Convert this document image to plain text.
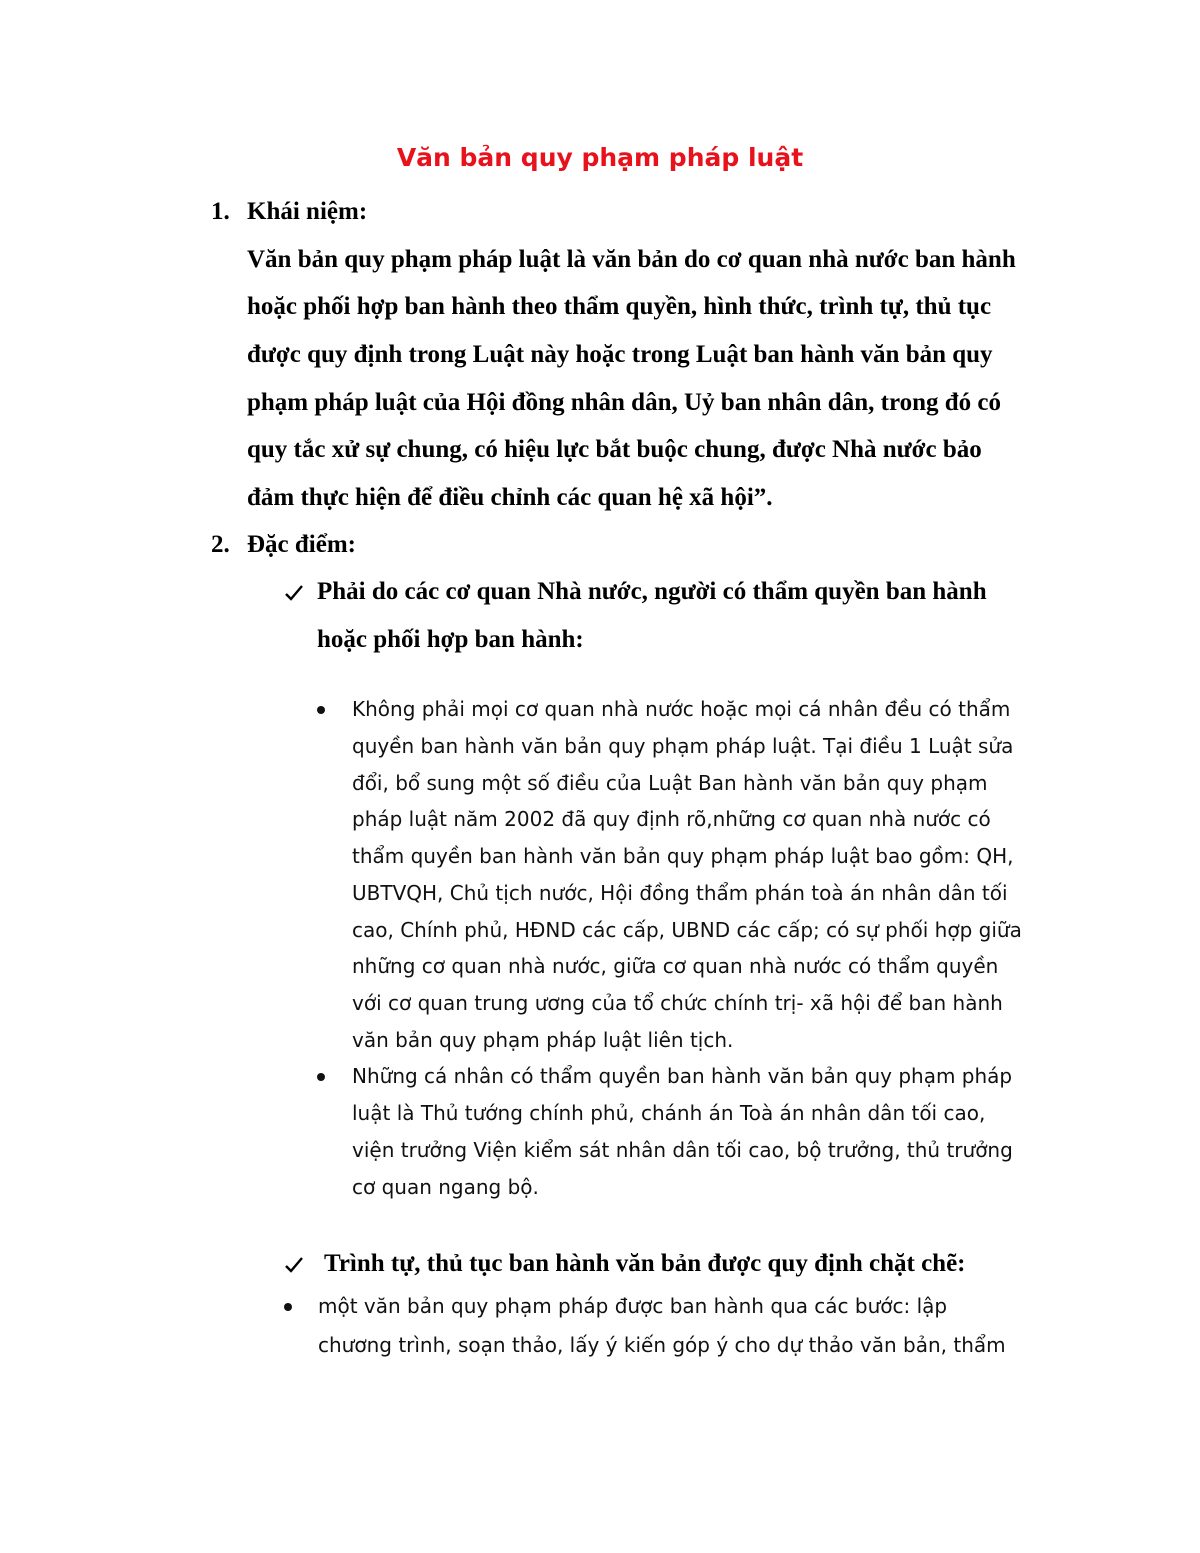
Văn bản quy phạm pháp luật
1. Khái niệm:
Văn bản quy phạm pháp luật là văn bản do cơ quan nhà nước ban hành
hoặc phối hợp ban hành theo thẩm quyền, hình thức, trình tự, thủ tục
được quy định trong Luật này hoặc trong Luật ban hành văn bản quy
phạm pháp luật của Hội đồng nhân dân, Uỷ ban nhân dân, trong đó có
quy tắc xử sự chung, có hiệu lực bắt buộc chung, được Nhà nước bảo
đảm thực hiện để điều chỉnh các quan hệ xã hội”.
2. Đặc điểm:
Phải do các cơ quan Nhà nước, người có thẩm quyền ban hành
hoặc phối hợp ban hành:
Không phải mọi cơ quan nhà nước hoặc mọi cá nhân đều có thẩm
quyền ban hành văn bản quy phạm pháp luật. Tại điều 1 Luật sửa
đổi, bổ sung một số điều của Luật Ban hành văn bản quy phạm
pháp luật năm 2002 đã quy định rõ,những cơ quan nhà nước có
thẩm quyền ban hành văn bản quy phạm pháp luật bao gồm: QH,
UBTVQH, Chủ tịch nước, Hội đồng thẩm phán toà án nhân dân tối
cao, Chính phủ, HĐND các cấp, UBND các cấp; có sự phối hợp giữa
những cơ quan nhà nước, giữa cơ quan nhà nước có thẩm quyền
với cơ quan trung ương của tổ chức chính trị- xã hội để ban hành
văn bản quy phạm pháp luật liên tịch.
Những cá nhân có thẩm quyền ban hành văn bản quy phạm pháp
luật là Thủ tướng chính phủ, chánh án Toà án nhân dân tối cao,
viện trưởng Viện kiểm sát nhân dân tối cao, bộ trưởng, thủ trưởng
cơ quan ngang bộ.
Trình tự, thủ tục ban hành văn bản được quy định chặt chẽ:
một văn bản quy phạm pháp được ban hành qua các bước: lập
chương trình, soạn thảo, lấy ý kiến góp ý cho dự thảo văn bản, thẩm
